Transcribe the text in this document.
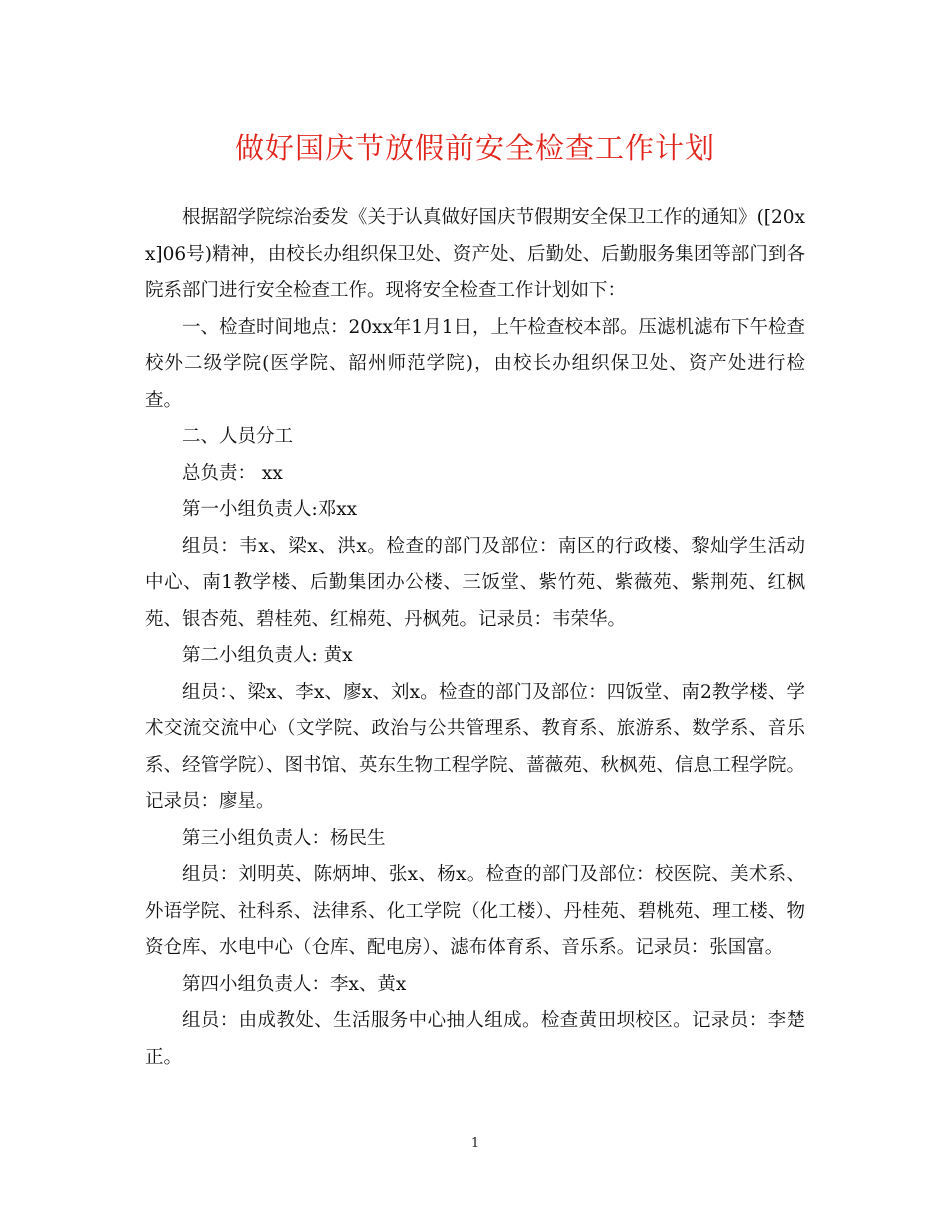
做好国庆节放假前安全检查工作计划

根据韶学院综治委发《关于认真做好国庆节假期安全保卫工作的通知》([20xx]06号)精神，由校长办组织保卫处、资产处、后勤处、后勤服务集团等部门到各院系部门进行安全检查工作。现将安全检查工作计划如下：

一、检查时间地点：20xx年1月1日，上午检查校本部。压滤机滤布下午检查校外二级学院(医学院、韶州师范学院)，由校长办组织保卫处、资产处进行检查。

二、人员分工

总负责： xx

第一小组负责人:邓xx

组员：韦x、梁x、洪x。检查的部门及部位：南区的行政楼、黎灿学生活动中心、南1教学楼、后勤集团办公楼、三饭堂、紫竹苑、紫薇苑、紫荆苑、红枫苑、银杏苑、碧桂苑、红棉苑、丹枫苑。记录员：韦荣华。

第二小组负责人: 黄x

组员：、梁x、李x、廖x、刘x。检查的部门及部位：四饭堂、南2教学楼、学术交流交流中心（文学院、政治与公共管理系、教育系、旅游系、数学系、音乐系、经管学院）、图书馆、英东生物工程学院、蔷薇苑、秋枫苑、信息工程学院。记录员：廖星。

第三小组负责人：杨民生

组员：刘明英、陈炳坤、张x、杨x。检查的部门及部位：校医院、美术系、外语学院、社科系、法律系、化工学院（化工楼）、丹桂苑、碧桃苑、理工楼、物资仓库、水电中心（仓库、配电房）、滤布体育系、音乐系。记录员：张国富。

第四小组负责人：李x、黄x

组员：由成教处、生活服务中心抽人组成。检查黄田坝校区。记录员：李楚正。

1
